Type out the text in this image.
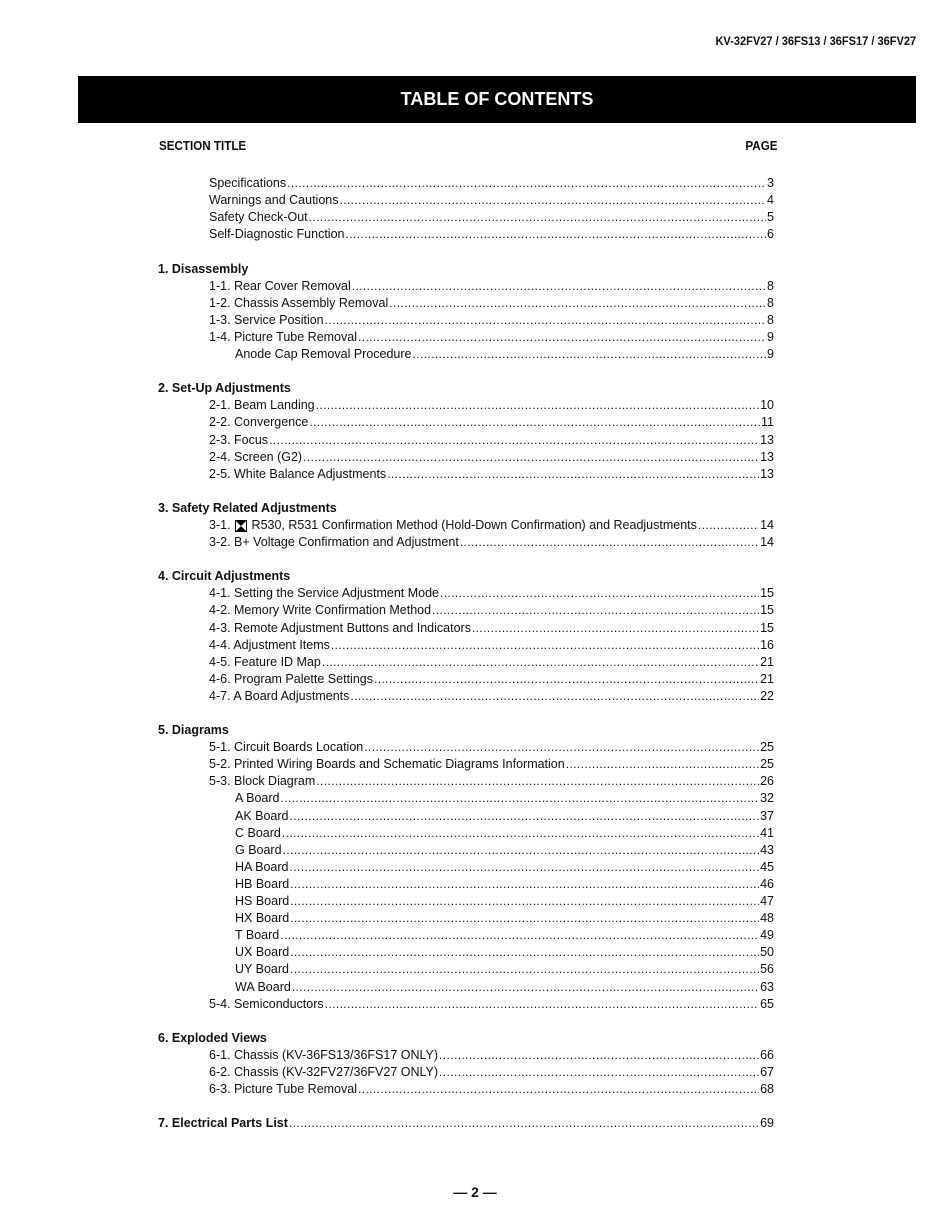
KV-32FV27 / 36FS13 / 36FS17 / 36FV27
TABLE OF CONTENTS
SECTION TITLE	PAGE
Specifications .....	3
Warnings and Cautions .....	4
Safety Check-Out .....	5
Self-Diagnostic Function .....	6
1. Disassembly
1-1. Rear Cover Removal .....	8
1-2. Chassis Assembly Removal .....	8
1-3. Service Position .....	8
1-4. Picture Tube Removal .....	9
Anode Cap Removal Procedure .....	9
2. Set-Up Adjustments
2-1. Beam Landing .....	10
2-2. Convergence .....	11
2-3. Focus .....	13
2-4. Screen (G2) .....	13
2-5. White Balance Adjustments .....	13
3. Safety Related Adjustments
3-1. R530, R531 Confirmation Method (Hold-Down Confirmation) and Readjustments .....	14
3-2. B+ Voltage Confirmation and Adjustment .....	14
4. Circuit Adjustments
4-1. Setting the Service Adjustment Mode .....	15
4-2. Memory Write Confirmation Method .....	15
4-3. Remote Adjustment Buttons and Indicators .....	15
4-4. Adjustment Items .....	16
4-5. Feature ID Map .....	21
4-6. Program Palette Settings .....	21
4-7. A Board Adjustments .....	22
5. Diagrams
5-1. Circuit Boards Location .....	25
5-2. Printed Wiring Boards and Schematic Diagrams Information .....	25
5-3. Block Diagram .....	26
A Board .....	32
AK Board .....	37
C Board .....	41
G Board .....	43
HA Board .....	45
HB Board .....	46
HS Board .....	47
HX Board .....	48
T Board .....	49
UX Board .....	50
UY Board .....	56
WA Board .....	63
5-4. Semiconductors .....	65
6. Exploded Views
6-1. Chassis (KV-36FS13/36FS17 ONLY) .....	66
6-2. Chassis (KV-32FV27/36FV27 ONLY) .....	67
6-3. Picture Tube Removal .....	68
7. Electrical Parts List .....	69
— 2 —
